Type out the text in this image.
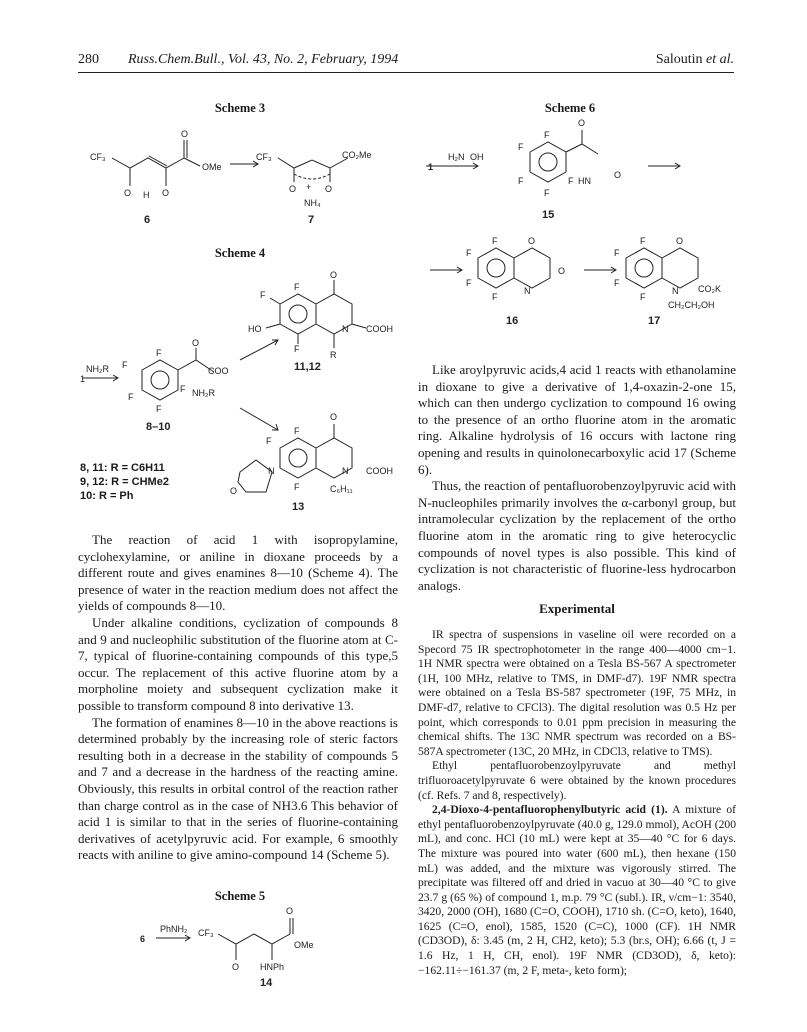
280 Russ.Chem.Bull., Vol. 43, No. 2, February, 1994	Saloutin et al.
Scheme 3
CF₃
O
OMe
O H O
CF₃	CO₂Me
O + O
NH₄
6	7
Scheme 4
F
O
F
HO
F
R
N COOH
NH₂R
1
F
F
O
COO
F NH₂R
F
F
F
O
F
N
O
N COOH
F	C₆H₁₁
11,12
8–10
13
8, 11: R = C6H11
9, 12: R = CHMe2
10: R = Ph

The reaction of acid 1 with isopropylamine, cyclohexylamine, or aniline in dioxane proceeds by a different route and gives enamines 8—10 (Scheme 4). The presence of water in the reaction medium does not affect the yields of compounds 8—10.

Under alkaline conditions, cyclization of compounds 8 and 9 and nucleophilic substitution of the fluorine atom at C-7, typical of fluorine-containing compounds of this type,5 occur. The replacement of this active fluorine atom by a morpholine moiety and subsequent cyclization make it possible to transform compound 8 into derivative 13.

The formation of enamines 8—10 in the above reactions is determined probably by the increasing role of steric factors resulting both in a decrease in the stability of compounds 5 and 7 and a decrease in the hardness of the reacting amine. Obviously, this results in orbital control of the reaction rather than charge control as in the case of NH3.6 This behavior of acid 1 is similar to that in the series of fluorine-containing derivatives of acetylpyruvic acid. For example, 6 smoothly reacts with aniline to give amino-compound 14 (Scheme 5).

Scheme 5
6
PhNH₂ CF₃
O
OMe
O HNPh
14
Scheme 6
1
H₂N OH
F
O
F
F	F HN
F
O
F	O
F
F
N
O
F
F	O
F
F
N CO₂K
F
CH₂CH₂OH
15
16	17

Like aroylpyruvic acids,4 acid 1 reacts with ethanolamine in dioxane to give a derivative of 1,4-oxazin-2-one 15, which can then undergo cyclization to compound 16 owing to the presence of an ortho fluorine atom in the aromatic ring. Alkaline hydrolysis of 16 occurs with lactone ring opening and results in quinolonecarboxylic acid 17 (Scheme 6).

Thus, the reaction of pentafluorobenzoylpyruvic acid with N-nucleophiles primarily involves the α-carbonyl group, but intramolecular cyclization by the replacement of the ortho fluorine atom in the aromatic ring to give heterocyclic compounds of novel types is also possible. This kind of cyclization is not characteristic of fluorine-less hydrocarbon analogs.

Experimental

IR spectra of suspensions in vaseline oil were recorded on a Specord 75 IR spectrophotometer in the range 400—4000 cm−1. 1H NMR spectra were obtained on a Tesla BS-567 A spectrometer (1H, 100 MHz, relative to TMS, in DMF-d7). 19F NMR spectra were obtained on a Tesla BS-587 spectrometer (19F, 75 MHz, in DMF-d7, relative to CFCl3). The digital resolution was 0.5 Hz per point, which corresponds to 0.01 ppm precision in measuring the chemical shifts. The 13C NMR spectrum was recorded on a BS-587A spectrometer (13C, 20 MHz, in CDCl3, relative to TMS).

Ethyl pentafluorobenzoylpyruvate and methyl trifluoroacetylpyruvate 6 were obtained by the known procedures (cf. Refs. 7 and 8, respectively).

2,4-Dioxo-4-pentafluorophenylbutyric acid (1). A mixture of ethyl pentafluorobenzoylpyruvate (40.0 g, 129.0 mmol), AcOH (200 mL), and conc. HCl (10 mL) were kept at 35—40 °C for 6 days. The mixture was poured into water (600 mL), then hexane (150 mL) was added, and the mixture was vigorously stirred. The precipitate was filtered off and dried in vacuo at 30—40 °C to give 23.7 g (65 %) of compound 1, m.p. 79 °C (subl.). IR, ν/cm−1: 3540, 3420, 2000 (OH), 1680 (C=O, COOH), 1710 sh. (C=O, keto), 1640, 1625 (C=O, enol), 1585, 1520 (C=C), 1000 (CF). 1H NMR (CD3OD), δ: 3.45 (m, 2 H, CH2, keto); 5.3 (br.s, OH); 6.66 (t, J = 1.6 Hz, 1 H, CH, enol). 19F NMR (CD3OD), δ, keto): −162.11÷−161.37 (m, 2 F, meta-, keto form);
